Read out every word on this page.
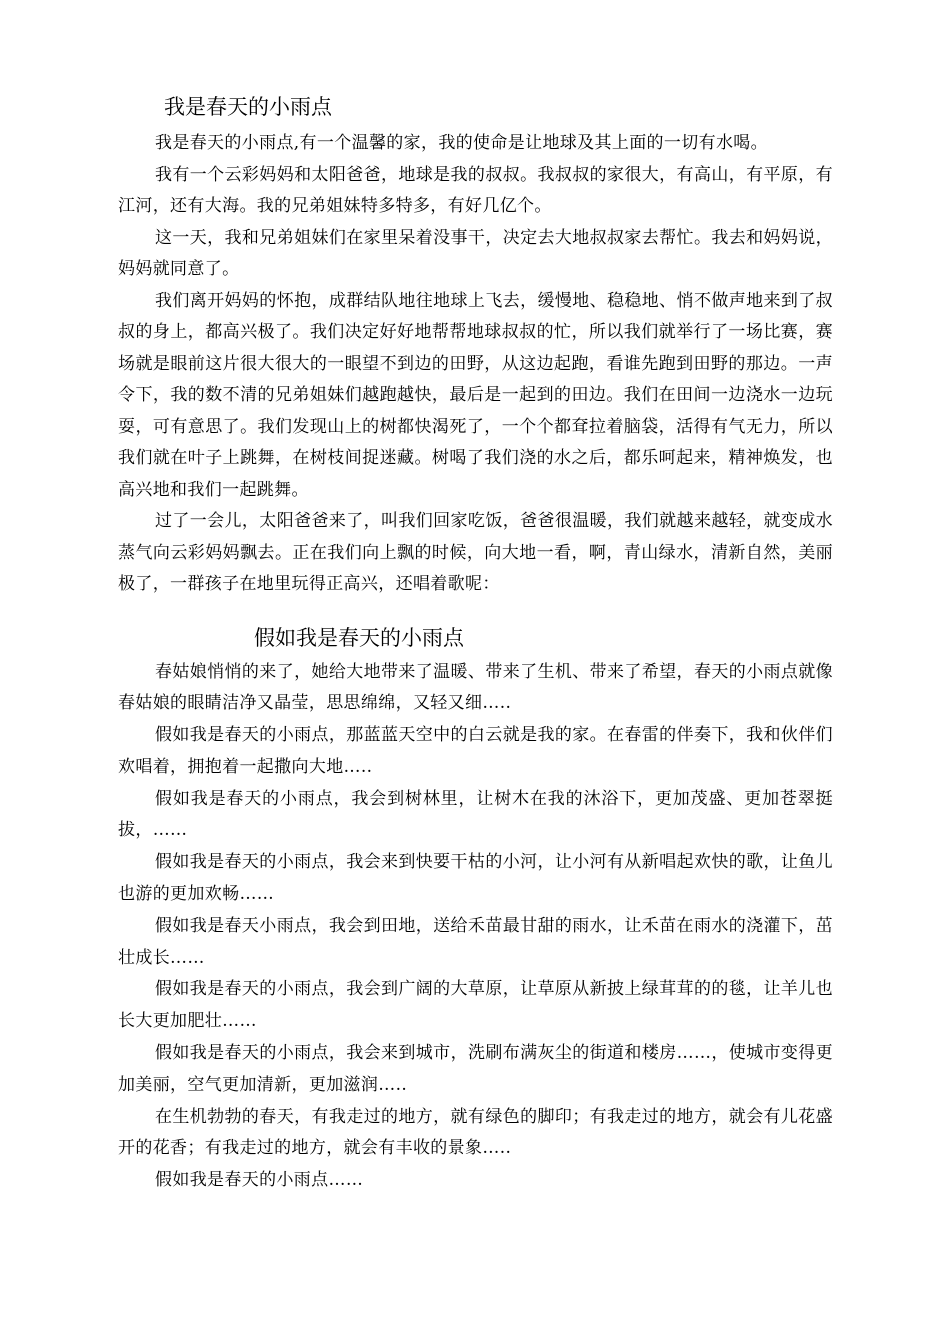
我是春天的小雨点

我是春天的小雨点,有一个温馨的家，我的使命是让地球及其上面的一切有水喝。

我有一个云彩妈妈和太阳爸爸，地球是我的叔叔。我叔叔的家很大，有高山，有平原，有江河，还有大海。我的兄弟姐妹特多特多，有好几亿个。

这一天，我和兄弟姐妹们在家里呆着没事干，决定去大地叔叔家去帮忙。我去和妈妈说，妈妈就同意了。

我们离开妈妈的怀抱，成群结队地往地球上飞去，缓慢地、稳稳地、悄不做声地来到了叔叔的身上，都高兴极了。我们决定好好地帮帮地球叔叔的忙，所以我们就举行了一场比赛，赛场就是眼前这片很大很大的一眼望不到边的田野，从这边起跑，看谁先跑到田野的那边。一声令下，我的数不清的兄弟姐妹们越跑越快，最后是一起到的田边。我们在田间一边浇水一边玩耍，可有意思了。我们发现山上的树都快渴死了，一个个都耷拉着脑袋，活得有气无力，所以我们就在叶子上跳舞，在树枝间捉迷藏。树喝了我们浇的水之后，都乐呵起来，精神焕发，也高兴地和我们一起跳舞。

过了一会儿，太阳爸爸来了，叫我们回家吃饭，爸爸很温暖，我们就越来越轻，就变成水蒸气向云彩妈妈飘去。正在我们向上飘的时候，向大地一看，啊，青山绿水，清新自然，美丽极了，一群孩子在地里玩得正高兴，还唱着歌呢：

假如我是春天的小雨点

春姑娘悄悄的来了，她给大地带来了温暖、带来了生机、带来了希望，春天的小雨点就像春姑娘的眼睛洁净又晶莹，思思绵绵，又轻又细…..

假如我是春天的小雨点，那蓝蓝天空中的白云就是我的家。在春雷的伴奏下，我和伙伴们欢唱着，拥抱着一起撒向大地…..

假如我是春天的小雨点，我会到树林里，让树木在我的沐浴下，更加茂盛、更加苍翠挺拔，……

假如我是春天的小雨点，我会来到快要干枯的小河，让小河有从新唱起欢快的歌，让鱼儿也游的更加欢畅……

假如我是春天小雨点，我会到田地，送给禾苗最甘甜的雨水，让禾苗在雨水的浇灌下，茁壮成长……

假如我是春天的小雨点，我会到广阔的大草原，让草原从新披上绿茸茸的的毯，让羊儿也长大更加肥壮……

假如我是春天的小雨点，我会来到城市，洗刷布满灰尘的街道和楼房……，使城市变得更加美丽，空气更加清新，更加滋润…..

在生机勃勃的春天，有我走过的地方，就有绿色的脚印；有我走过的地方，就会有儿花盛开的花香；有我走过的地方，就会有丰收的景象…..

假如我是春天的小雨点……
